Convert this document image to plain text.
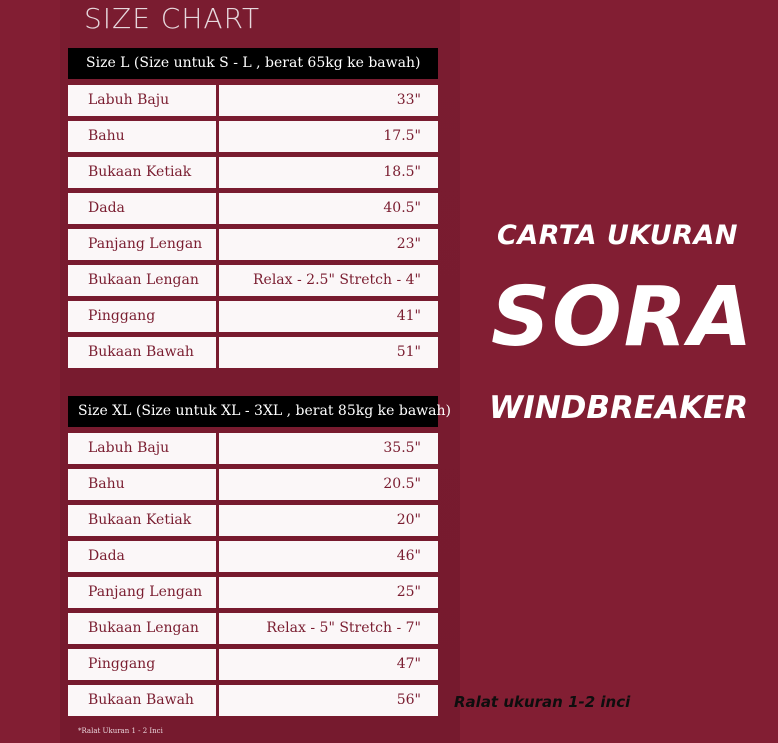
SIZE CHART
Size L (Size untuk S - L , berat 65kg ke bawah)
Labuh Baju	33"
Bahu	17.5"
Bukaan Ketiak	18.5"
Dada	40.5"
Panjang Lengan	23"
Bukaan Lengan	Relax - 2.5" Stretch - 4"
Pinggang	41"
Bukaan Bawah	51"
Size XL (Size untuk XL - 3XL , berat 85kg ke bawah)
Labuh Baju	35.5"
Bahu	20.5"
Bukaan Ketiak	20"
Dada	46"
Panjang Lengan	25"
Bukaan Lengan	Relax - 5" Stretch - 7"
Pinggang	47"
Bukaan Bawah	56"
*Ralat Ukuran 1 - 2 Inci
CARTA UKURAN
SORA
WINDBREAKER
Ralat ukuran 1-2 inci
